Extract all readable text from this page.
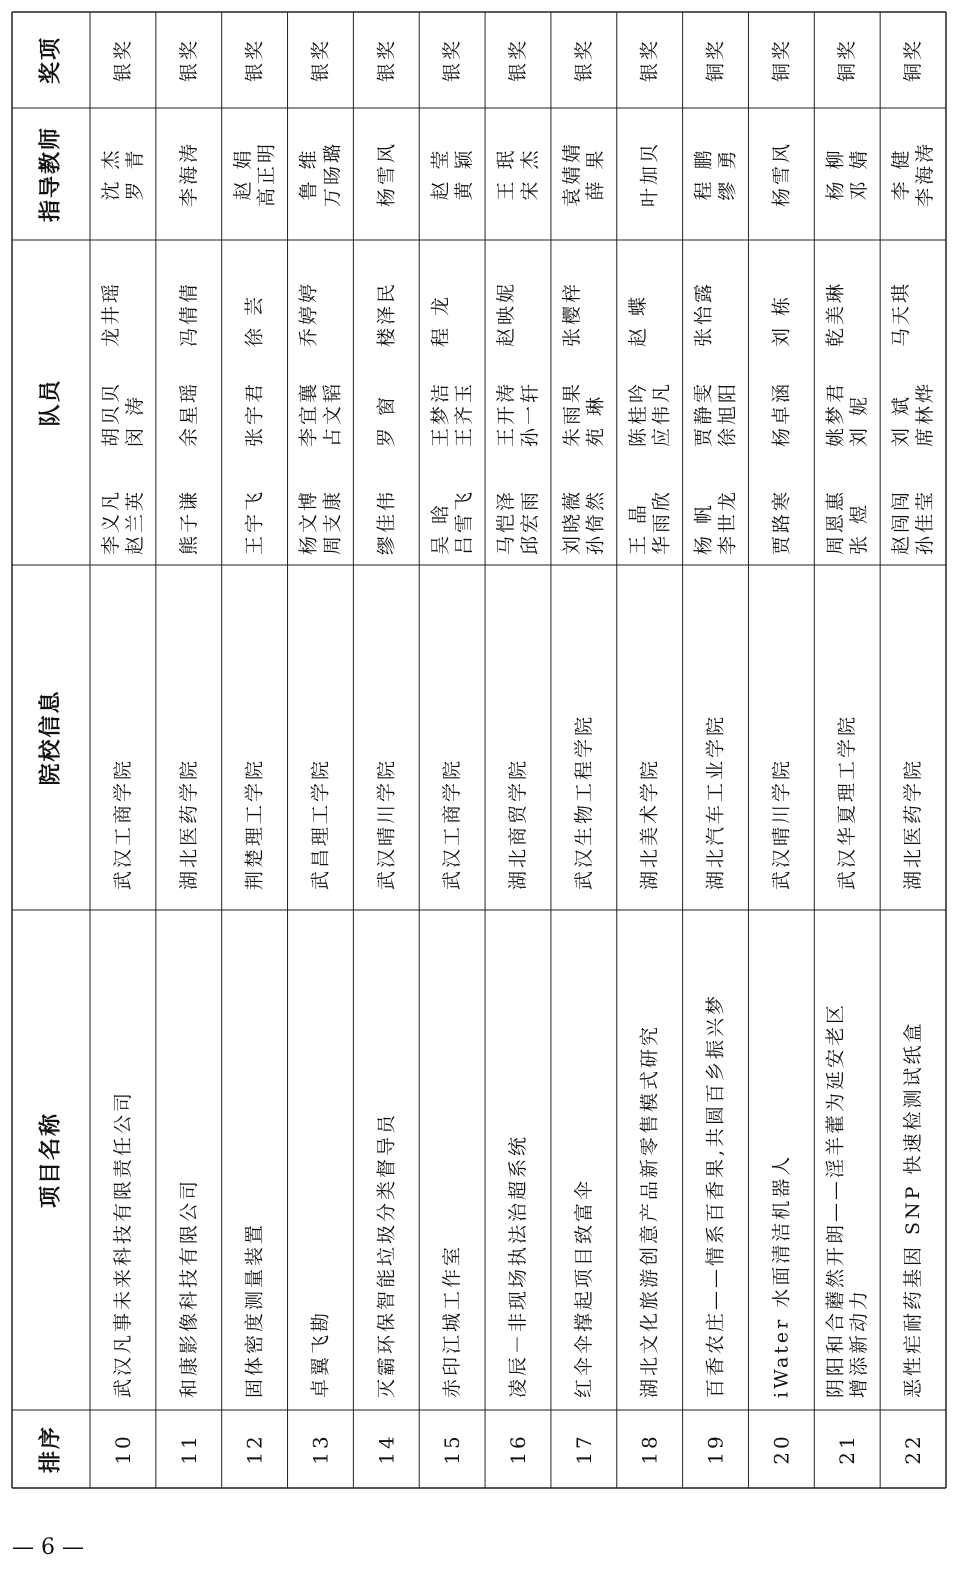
排序
项目名称
院校信息
队员
指导教师
奖项
10
武汉凡事未来科技有限责任公司
武汉工商学院
李义凡
胡贝贝
龙井瑶
赵兰英
闵 涛
沈 杰 罗 青
银奖
11
和康影像科技有限公司
湖北医药学院
熊子谦
余星瑶
冯倩倩
李海涛
银奖
12
固体密度测量装置
荆楚理工学院
王宇飞
张宇君
徐 芸
赵 娟 高正明
银奖
13
卓翼飞勘
武昌理工学院
杨文博
李宜襄
乔婷婷
周支康
占文韬
鲁 维 万旸璐
银奖
14
灭霸环保智能垃圾分类督导员
武汉晴川学院
缪佳伟
罗 窗
楼泽民
杨雪风
银奖
15
赤印江城工作室
武汉工商学院
吴 晗
王梦洁
程 龙
吕雪飞
王齐玉
赵 莹 黄 颖
银奖
16
凌辰－非现场执法治超系统
湖北商贸学院
马恺泽
王开涛
赵映妮
邱宏雨
孙一轩
王 珉 宋 杰
银奖
17
红伞伞撑起项目致富伞
武汉生物工程学院
刘晓薇
朱雨果
张樱梓
孙倚然
苑 琳
袁婧婧 薛 果
银奖
18
湖北文化旅游创意产品新零售模式研究
湖北美术学院
王 晶
陈桂吟
赵 蝶
华雨欣
应伟凡
叶加贝
银奖
19
百香农庄——情系百香果,共圆百乡振兴梦
湖北汽车工业学院
杨 帆
贾静雯
张怡露
李世龙
徐旭阳
程 鹏 缪 勇
铜奖
20
iWater 水面清洁机器人
武汉晴川学院
贾路寒
杨卓涵
刘 栋
杨雪风
铜奖
21
阴阳和合蘑然开朗——淫羊藿为延安老区 增添新动力
武汉华夏理工学院
周恩惠
姚梦君
乾美琳
张 煜
刘 妮
杨 柳 邓 婧
铜奖
22
恶性疟耐药基因 SNP 快速检测试纸盒
湖北医药学院
赵闯闯
刘 斌
马天琪
孙佳莹
席林烨
李 健 李海涛
铜奖
— 6 —
